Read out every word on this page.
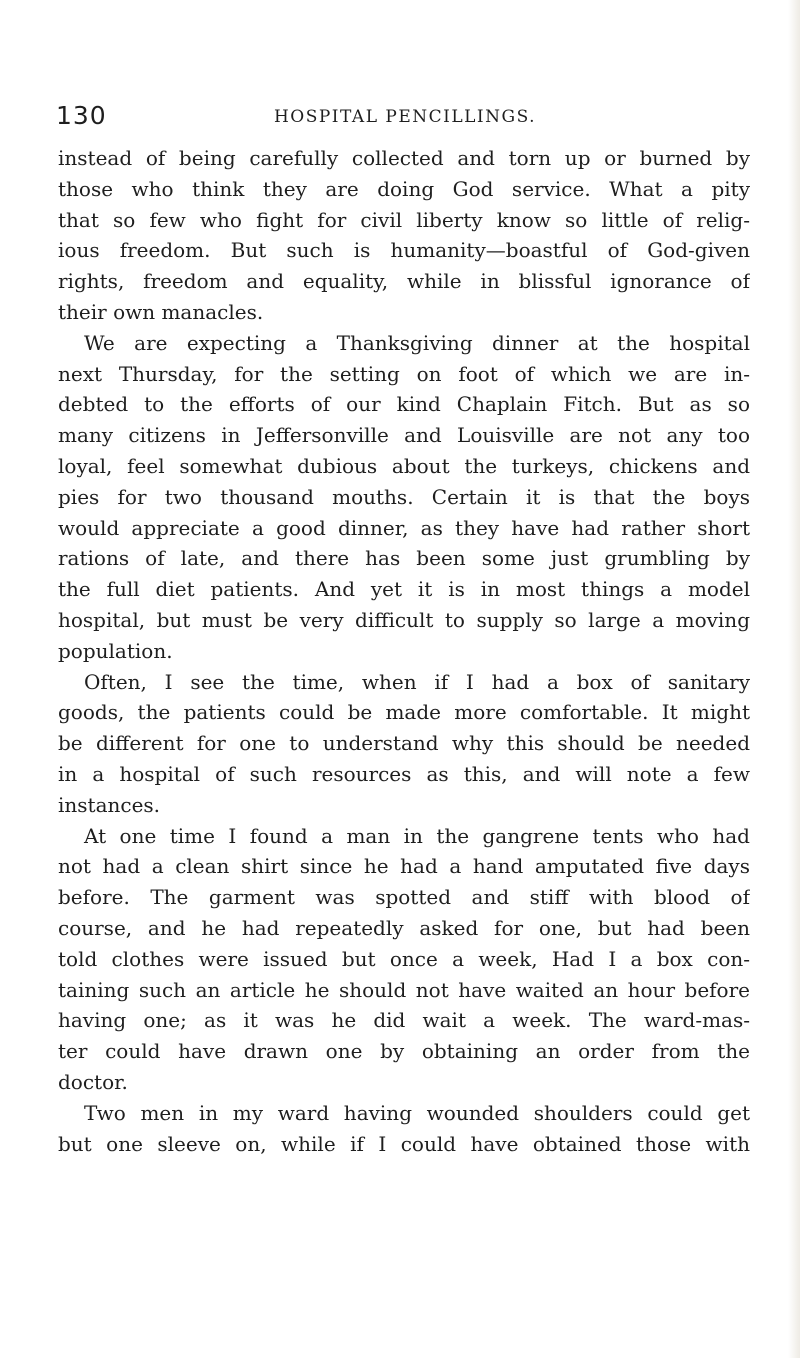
130	HOSPITAL PENCILLINGS.

instead of being carefully collected and torn up or burned by

those who think they are doing God service. What a pity

that so few who fight for civil liberty know so little of relig-

ious freedom. But such is humanity—boastful of God-given

rights, freedom and equality, while in blissful ignorance of

their own manacles.

We are expecting a Thanksgiving dinner at the hospital

next Thursday, for the setting on foot of which we are in-

debted to the efforts of our kind Chaplain Fitch. But as so

many citizens in Jeffersonville and Louisville are not any too

loyal, feel somewhat dubious about the turkeys, chickens and

pies for two thousand mouths. Certain it is that the boys

would appreciate a good dinner, as they have had rather short

rations of late, and there has been some just grumbling by

the full diet patients. And yet it is in most things a model

hospital, but must be very difficult to supply so large a moving

population.

Often, I see the time, when if I had a box of sanitary

goods, the patients could be made more comfortable. It might

be different for one to understand why this should be needed

in a hospital of such resources as this, and will note a few

instances.

At one time I found a man in the gangrene tents who had

not had a clean shirt since he had a hand amputated five days

before. The garment was spotted and stiff with blood of

course, and he had repeatedly asked for one, but had been

told clothes were issued but once a week, Had I a box con-

taining such an article he should not have waited an hour before

having one; as it was he did wait a week. The ward-mas-

ter could have drawn one by obtaining an order from the

doctor.

Two men in my ward having wounded shoulders could get

but one sleeve on, while if I could have obtained those with
